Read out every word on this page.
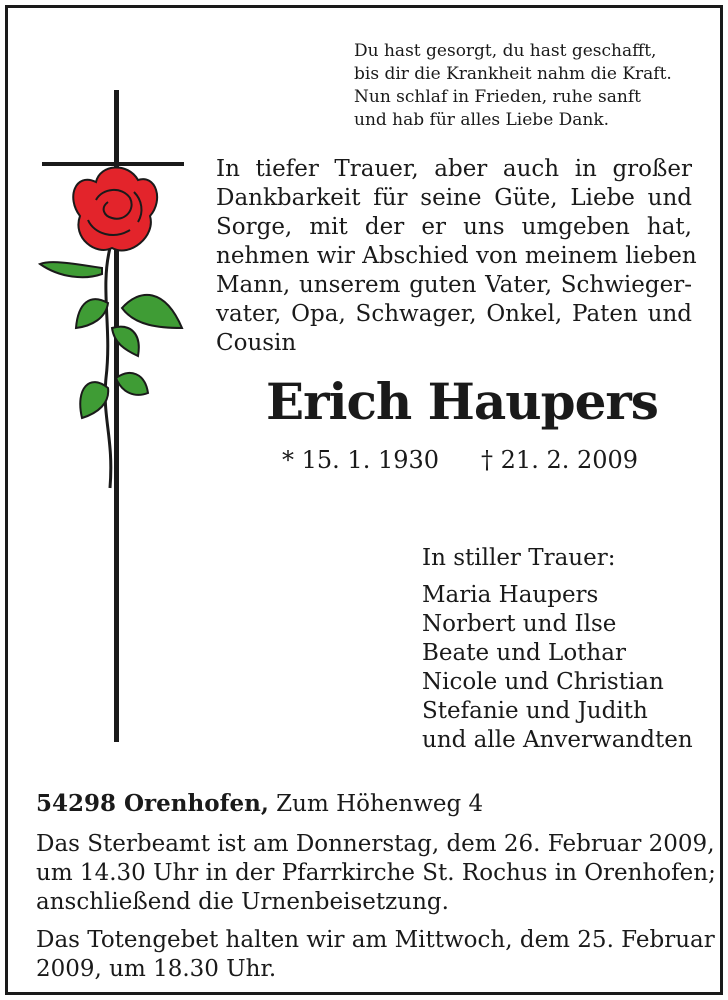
Du hast gesorgt, du hast geschafft,
bis dir die Krankheit nahm die Kraft.
Nun schlaf in Frieden, ruhe sanft
und hab für alles Liebe Dank.
In tiefer Trauer, aber auch in großer
Dankbarkeit für seine Güte, Liebe und
Sorge, mit der er uns umgeben hat,
nehmen wir Abschied von meinem lieben
Mann, unserem guten Vater, Schwieger-
vater, Opa, Schwager, Onkel, Paten und
Cousin
Erich Haupers
* 15. 1. 1930 † 21. 2. 2009
In stiller Trauer:
Maria Haupers
Norbert und Ilse
Beate und Lothar
Nicole und Christian
Stefanie und Judith
und alle Anverwandten
54298 Orenhofen, Zum Höhenweg 4
Das Sterbeamt ist am Donnerstag, dem 26. Februar 2009,
um 14.30 Uhr in der Pfarrkirche St. Rochus in Orenhofen;
anschließend die Urnenbeisetzung.
Das Totengebet halten wir am Mittwoch, dem 25. Februar
2009, um 18.30 Uhr.
